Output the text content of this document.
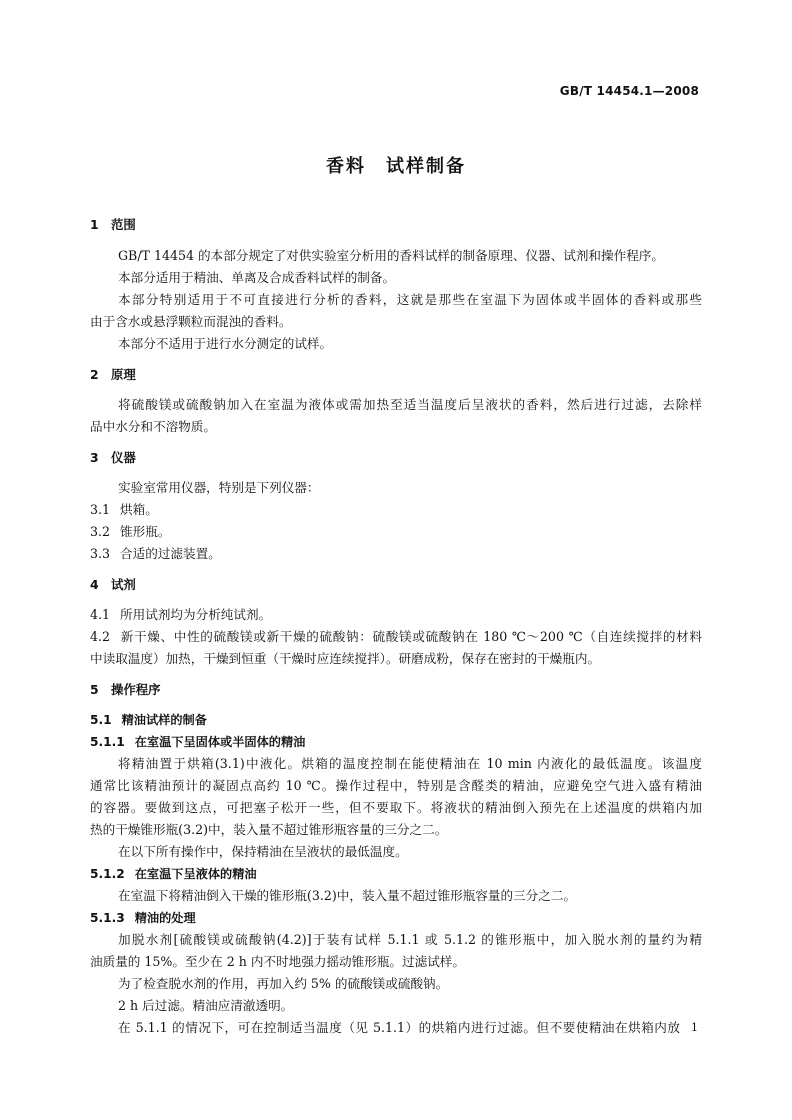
GB/T 14454.1—2008
香料　试样制备
1 范围
GB/T 14454 的本部分规定了对供实验室分析用的香料试样的制备原理、仪器、试剂和操作程序。
本部分适用于精油、单离及合成香料试样的制备。
本部分特别适用于不可直接进行分析的香料，这就是那些在室温下为固体或半固体的香料或那些
由于含水或悬浮颗粒而混浊的香料。
本部分不适用于进行水分测定的试样。
2 原理
将硫酸镁或硫酸钠加入在室温为液体或需加热至适当温度后呈液状的香料，然后进行过滤，去除样
品中水分和不溶物质。
3 仪器
实验室常用仪器，特别是下列仪器：
3.1 烘箱。
3.2 锥形瓶。
3.3 合适的过滤装置。
4 试剂
4.1 所用试剂均为分析纯试剂。
4.2 新干燥、中性的硫酸镁或新干燥的硫酸钠：硫酸镁或硫酸钠在 180 ℃～200 ℃（自连续搅拌的材料
中读取温度）加热，干燥到恒重（干燥时应连续搅拌）。研磨成粉，保存在密封的干燥瓶内。
5 操作程序
5.1 精油试样的制备
5.1.1 在室温下呈固体或半固体的精油
将精油置于烘箱(3.1)中液化。烘箱的温度控制在能使精油在 10 min 内液化的最低温度。该温度
通常比该精油预计的凝固点高约 10 ℃。操作过程中，特别是含醛类的精油，应避免空气进入盛有精油
的容器。要做到这点，可把塞子松开一些，但不要取下。将液状的精油倒入预先在上述温度的烘箱内加
热的干燥锥形瓶(3.2)中，装入量不超过锥形瓶容量的三分之二。
在以下所有操作中，保持精油在呈液状的最低温度。
5.1.2 在室温下呈液体的精油
在室温下将精油倒入干燥的锥形瓶(3.2)中，装入量不超过锥形瓶容量的三分之二。
5.1.3 精油的处理
加脱水剂[硫酸镁或硫酸钠(4.2)]于装有试样 5.1.1 或 5.1.2 的锥形瓶中，加入脱水剂的量约为精
油质量的 15%。至少在 2 h 内不时地强力摇动锥形瓶。过滤试样。
为了检查脱水剂的作用，再加入约 5% 的硫酸镁或硫酸钠。
2 h 后过滤。精油应清澈透明。
在 5.1.1 的情况下，可在控制适当温度（见 5.1.1）的烘箱内进行过滤。但不要使精油在烘箱内放 1
